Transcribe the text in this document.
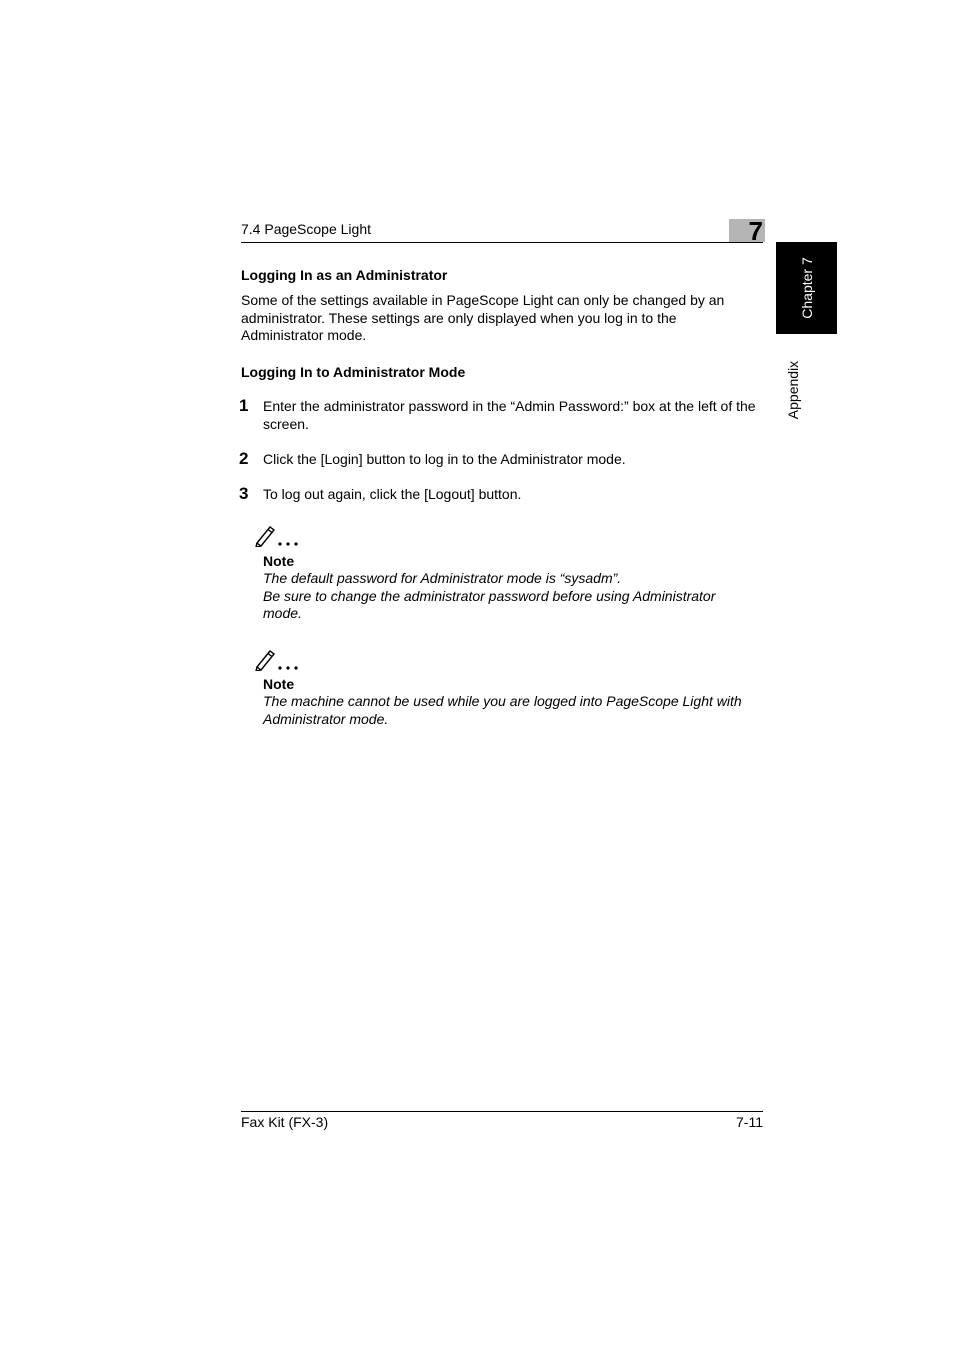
7.4 PageScope Light	7
Chapter 7
Appendix
Logging In as an Administrator
Some of the settings available in PageScope Light can only be changed by an administrator. These settings are only displayed when you log in to the Administrator mode.
Logging In to Administrator Mode
1 Enter the administrator password in the “Admin Password:” box at the left of the screen.
2 Click the [Login] button to log in to the Administrator mode.
3 To log out again, click the [Logout] button.
Note
The default password for Administrator mode is “sysadm”.
Be sure to change the administrator password before using Administrator
mode.
Note
The machine cannot be used while you are logged into PageScope Light with
Administrator mode.
Fax Kit (FX-3)	7-11
